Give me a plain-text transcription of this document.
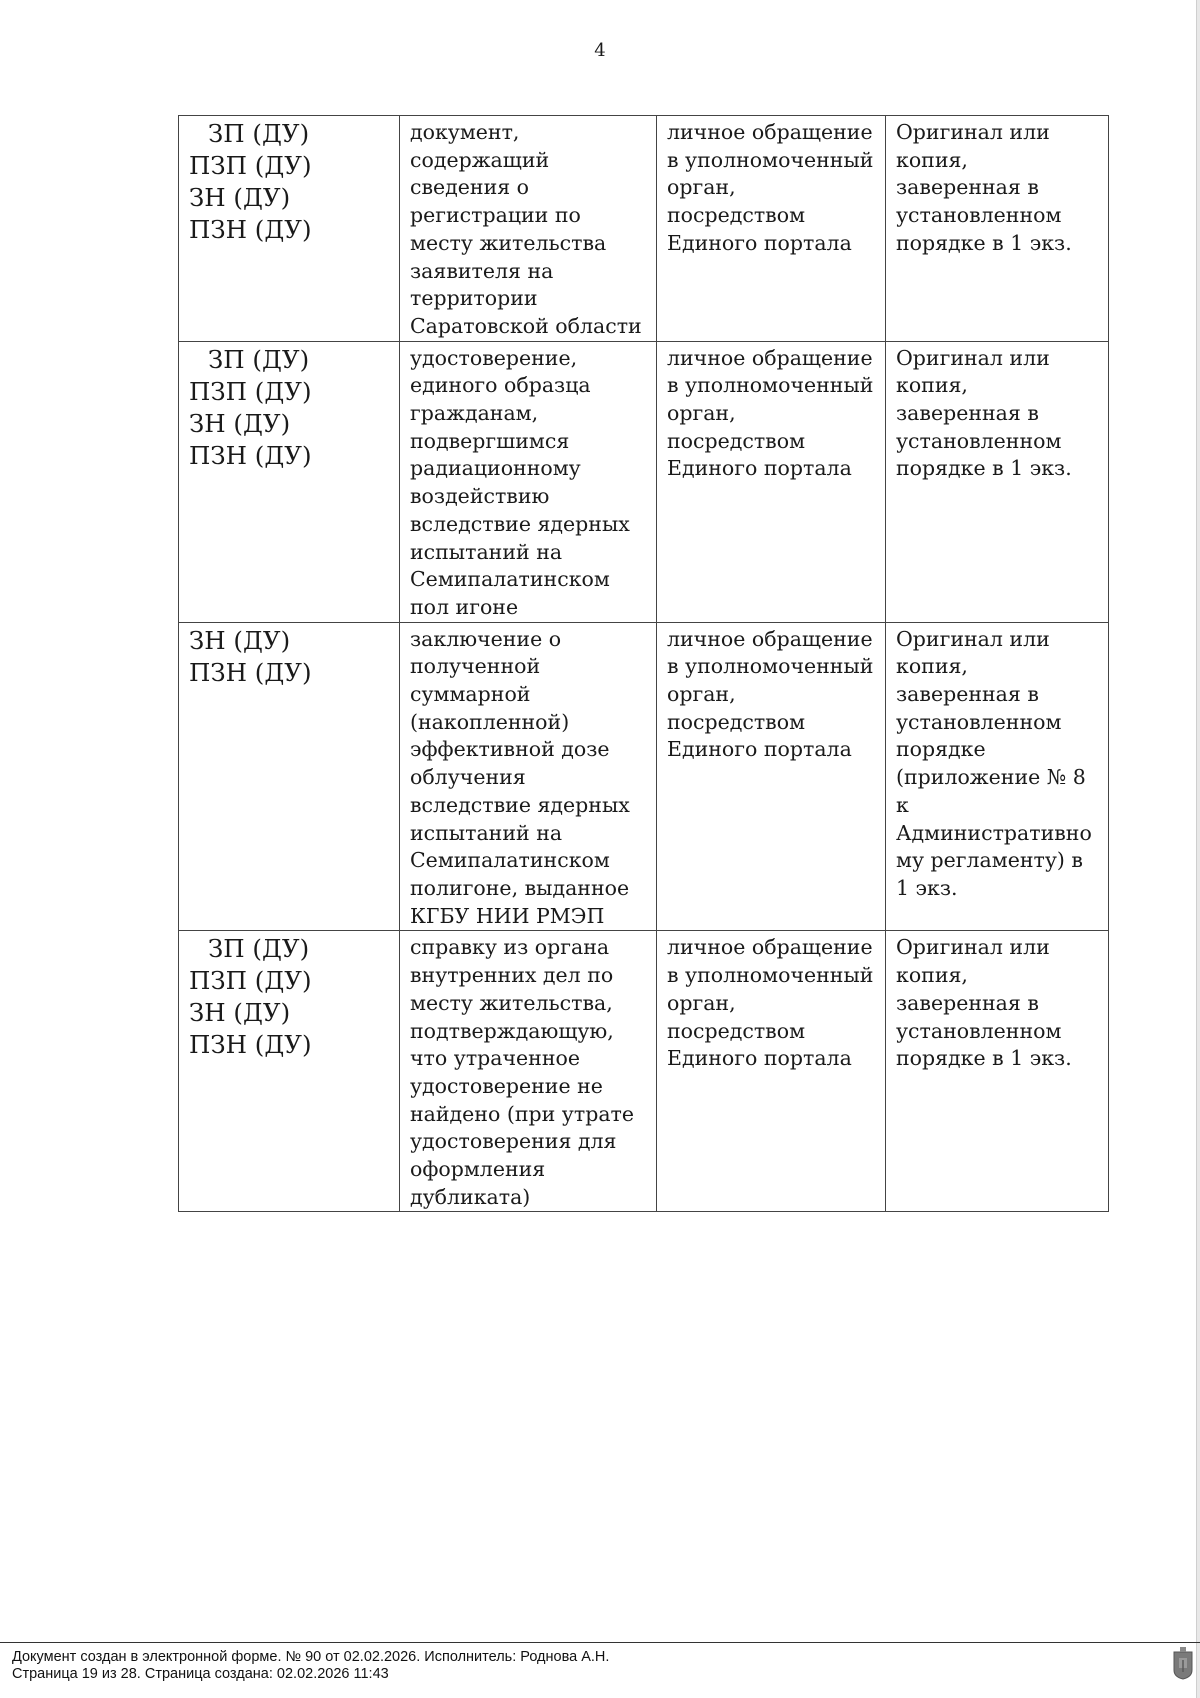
4
ЗП (ДУ)
ПЗП (ДУ)
ЗН (ДУ)
ПЗН (ДУ)	документ, содержащий сведения о регистрации по месту жительства заявителя на территории Саратовской области	личное обращение в уполномоченный орган, посредством Единого портала	Оригинал или копия, заверенная в установленном порядке в 1 экз.

ЗП (ДУ)
ПЗП (ДУ)
ЗН (ДУ)
ПЗН (ДУ)	удостоверение, единого образца гражданам, подвергшимся радиационному воздействию вследствие ядерных испытаний на Семипалатинском пол игоне	личное обращение в уполномоченный орган, посредством Единого портала	Оригинал или копия, заверенная в установленном порядке в 1 экз.

ЗН (ДУ)
ПЗН (ДУ)	заключение о полученной суммарной (накопленной) эффективной дозе облучения вследствие ядерных испытаний на Семипалатинском полигоне, выданное КГБУ НИИ РМЭП	личное обращение в уполномоченный орган, посредством Единого портала	Оригинал или копия, заверенная в установленном порядке (приложение № 8 к Административному регламенту) в 1 экз.

ЗП (ДУ)
ПЗП (ДУ)
ЗН (ДУ)
ПЗН (ДУ)	справку из органа внутренних дел по месту жительства, подтверждающую, что утраченное удостоверение не найдено (при утрате удостоверения для оформления дубликата)	личное обращение в уполномоченный орган, посредством Единого портала	Оригинал или копия, заверенная в установленном порядке в 1 экз.
Документ создан в электронной форме. № 90 от 02.02.2026. Исполнитель: Роднова А.Н.
Страница 19 из 28. Страница создана: 02.02.2026 11:43
